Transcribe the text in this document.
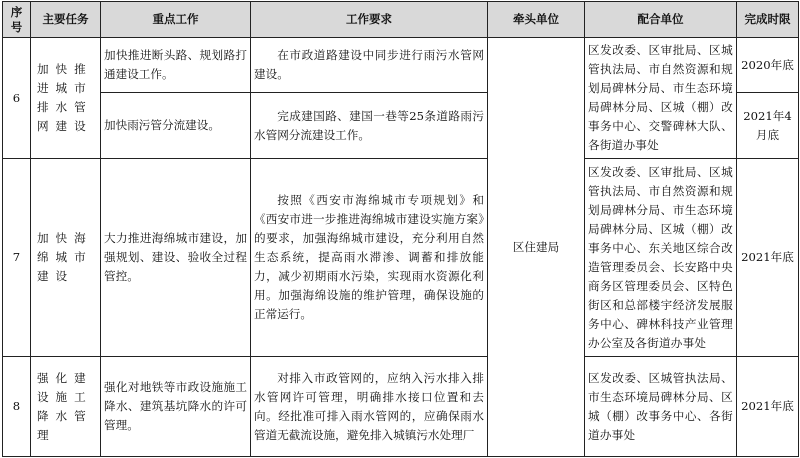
序号	主要任务	重点工作	工作要求	牵头单位	配合单位	完成时限
6	加快推进城市排水管网建设	加快推进断头路、规划路打通建设工作。	在市政道路建设中同步进行雨污水管网建设。	区住建局	区发改委、区审批局、区城管执法局、市自然资源和规划局碑林分局、市生态环境局碑林分局、区城（棚）改事务中心、交警碑林大队、各街道办事处	2020年底
		加快雨污管分流建设。	完成建国路、建国一巷等25条道路雨污水管网分流建设工作。			2021年4月底
7	加快海绵城市建设	大力推进海绵城市建设，加强规划、建设、验收全过程管控。	按照《西安市海绵城市专项规划》和《西安市进一步推进海绵城市建设实施方案》的要求，加强海绵城市建设，充分利用自然生态系统，提高雨水滞渗、调蓄和排放能力，减少初期雨水污染，实现雨水资源化利用。加强海绵设施的维护管理，确保设施的正常运行。		区发改委、区审批局、区城管执法局、市自然资源和规划局碑林分局、市生态环境局碑林分局、区城（棚）改事务中心、东关地区综合改造管理委员会、长安路中央商务区管理委员会、区特色街区和总部楼宇经济发展服务中心、碑林科技产业管理办公室及各街道办事处	2021年底
8	强化建设施工降水管理	强化对地铁等市政设施施工降水、建筑基坑降水的许可管理。	对排入市政管网的，应纳入污水排入排水管网许可管理，明确排水接口位置和去向。经批准可排入雨水管网的，应确保雨水管道无截流设施，避免排入城镇污水处理厂		区发改委、区城管执法局、市生态环境局碑林分局、区城（棚）改事务中心、各街道办事处	2021年底
